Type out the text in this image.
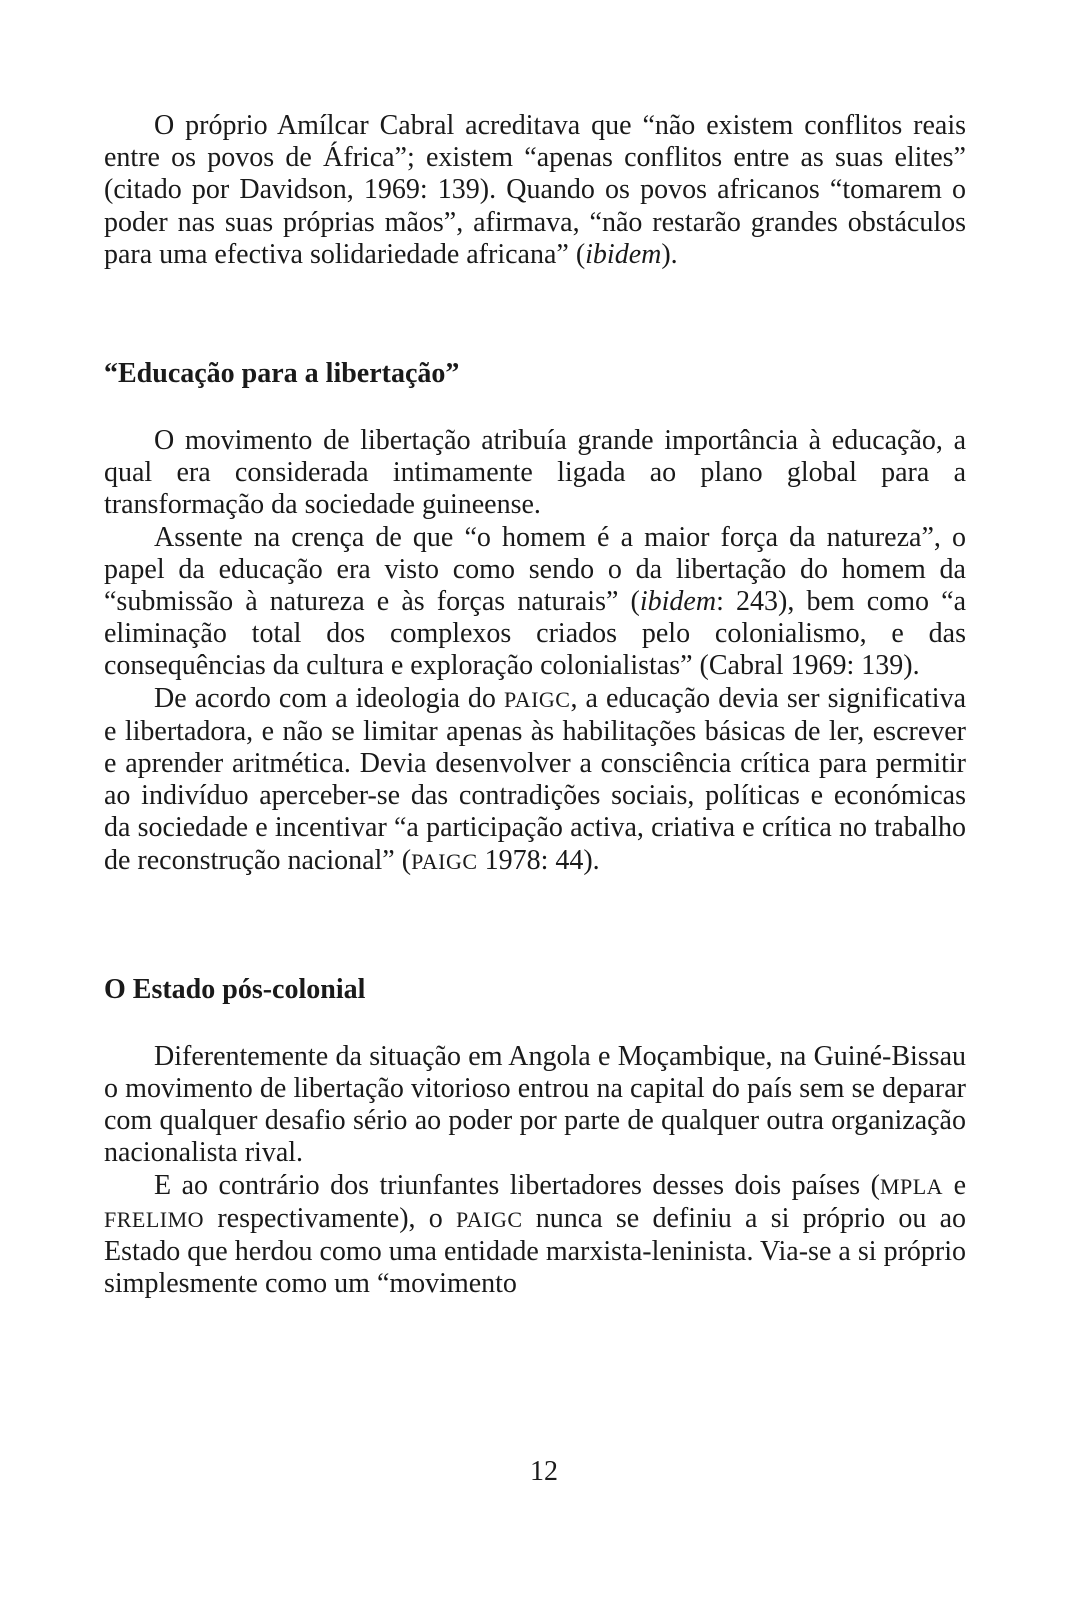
O próprio Amílcar Cabral acreditava que “não existem conflitos reais entre os povos de África”; existem “apenas conflitos entre as suas elites” (citado por Davidson, 1969: 139). Quando os povos africanos “tomarem o poder nas suas próprias mãos”, afirmava, “não restarão grandes obstáculos para uma efectiva solidariedade africana” (ibidem).

“Educação para a libertação”

O movimento de libertação atribuía grande importância à educação, a qual era considerada intimamente ligada ao plano global para a transformação da sociedade guineense.

Assente na crença de que “o homem é a maior força da natureza”, o papel da educação era visto como sendo o da libertação do homem da “submissão à natureza e às forças naturais” (ibidem: 243), bem como “a eliminação total dos complexos criados pelo colonialismo, e das consequências da cultura e exploração colonialistas” (Cabral 1969: 139).

De acordo com a ideologia do PAIGC, a educação devia ser significativa e libertadora, e não se limitar apenas às habilitações básicas de ler, escrever e aprender aritmética. Devia desenvolver a consciência crítica para permitir ao indivíduo aperceber-se das contradições sociais, políticas e económicas da sociedade e incentivar “a participação activa, criativa e crítica no trabalho de reconstrução nacional” (PAIGC 1978: 44).

O Estado pós-colonial

Diferentemente da situação em Angola e Moçambique, na Guiné-Bissau o movimento de libertação vitorioso entrou na capital do país sem se deparar com qualquer desafio sério ao poder por parte de qualquer outra organização nacionalista rival.

E ao contrário dos triunfantes libertadores desses dois países (MPLA e FRELIMO respectivamente), o PAIGC nunca se definiu a si próprio ou ao Estado que herdou como uma entidade marxista-leninista. Via-se a si próprio simplesmente como um “movimento

12
